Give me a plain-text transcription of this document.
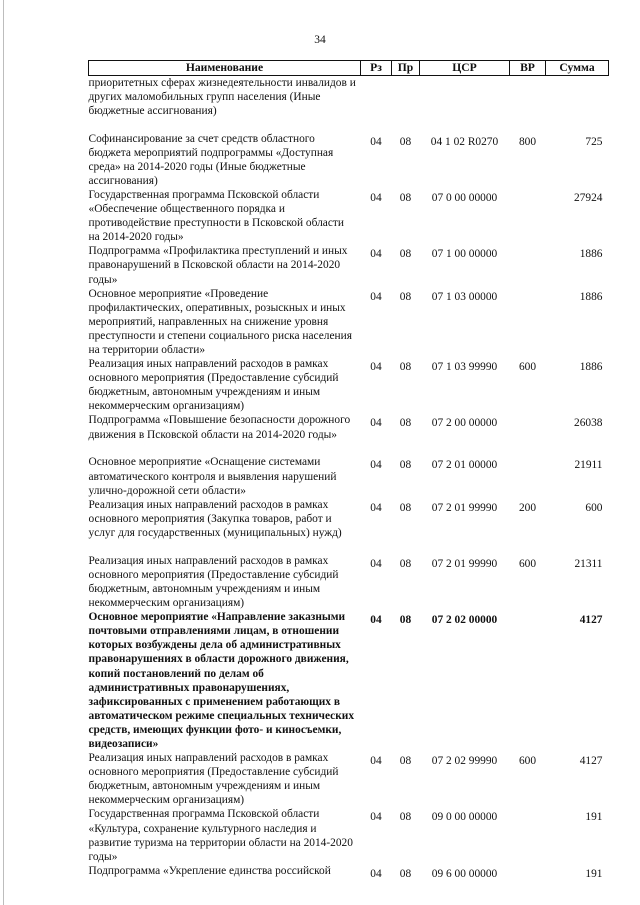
34
Наименование	Рз	Пр	ЦСР	ВР	Сумма
приоритетных сферах жизнедеятельности инвалидов и других маломобильных групп населения (Иные бюджетные ассигнования)					
Софинансирование за счет средств областного бюджета мероприятий подпрограммы «Доступная среда» на 2014-2020 годы (Иные бюджетные ассигнования)	04	08	04 1 02 R0270	800	725
Государственная программа Псковской области «Обеспечение общественного порядка и противодействие преступности в Псковской области на 2014-2020 годы»	04	08	07 0 00 00000		27924
Подпрограмма «Профилактика преступлений и иных правонарушений в Псковской области на 2014-2020 годы»	04	08	07 1 00 00000		1886
Основное мероприятие «Проведение профилактических, оперативных, розыскных и иных мероприятий, направленных на снижение уровня преступности и степени социального риска населения на территории области»	04	08	07 1 03 00000		1886
Реализация иных направлений расходов в рамках основного мероприятия (Предоставление субсидий бюджетным, автономным учреждениям и иным некоммерческим организациям)	04	08	07 1 03 99990	600	1886
Подпрограмма «Повышение безопасности дорожного движения в Псковской области на 2014-2020 годы»	04	08	07 2 00 00000		26038
Основное мероприятие «Оснащение системами автоматического контроля и выявления нарушений улично-дорожной сети области»	04	08	07 2 01 00000		21911
Реализация иных направлений расходов в рамках основного мероприятия (Закупка товаров, работ и услуг для государственных (муниципальных) нужд)	04	08	07 2 01 99990	200	600
Реализация иных направлений расходов в рамках основного мероприятия (Предоставление субсидий бюджетным, автономным учреждениям и иным некоммерческим организациям)	04	08	07 2 01 99990	600	21311
Основное мероприятие «Направление заказными почтовыми отправлениями лицам, в отношении которых возбуждены дела об административных правонарушениях в области дорожного движения, копий постановлений по делам об административных правонарушениях, зафиксированных с применением работающих в автоматическом режиме специальных технических средств, имеющих функции фото- и киносъемки, видеозаписи»	04	08	07 2 02 00000		4127
Реализация иных направлений расходов в рамках основного мероприятия (Предоставление субсидий бюджетным, автономным учреждениям и иным некоммерческим организациям)	04	08	07 2 02 99990	600	4127
Государственная программа Псковской области «Культура, сохранение культурного наследия и развитие туризма на территории области на 2014-2020 годы»	04	08	09 0 00 00000		191
Подпрограмма «Укрепление единства российской	04	08	09 6 00 00000		191
